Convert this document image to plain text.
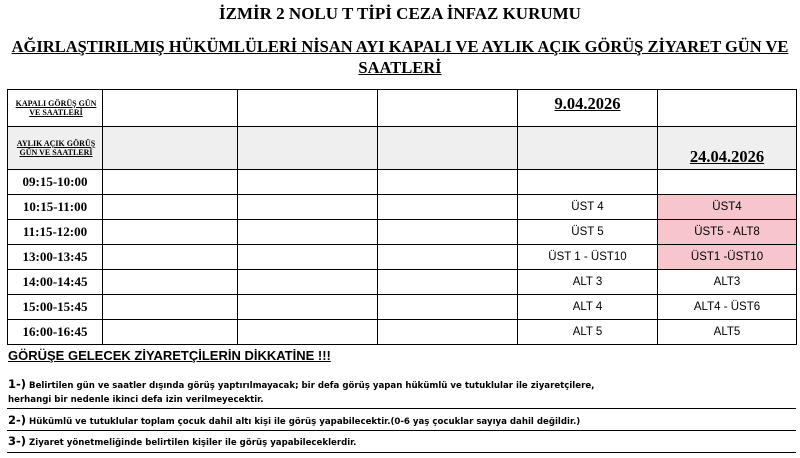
İZMİR 2 NOLU T TİPİ CEZA İNFAZ KURUMU
AĞIRLAŞTIRILMIŞ HÜKÜMLÜLERİ NİSAN AYI KAPALI VE AYLIK AÇIK GÖRÜŞ ZİYARET GÜN VE
SAATLERİ
KAPALI GÖRÜŞ GÜN VE SAATLERİ				9.04.2026	
AYLIK AÇIK GÖRÜŞ GÜN VE SAATLERİ					24.04.2026
09:15-10:00					
10:15-11:00				ÜST 4	ÜST4
11:15-12:00				ÜST 5	ÜST5 - ALT8
13:00-13:45				ÜST 1 - ÜST10	ÜST1 -ÜST10
14:00-14:45				ALT 3	ALT3
15:00-15:45				ALT 4	ALT4 - ÜST6
16:00-16:45				ALT 5	ALT5
GÖRÜŞE GELECEK ZİYARETÇİLERİN DİKKATİNE !!!
1-) Belirtilen gün ve saatler dışında görüş yaptırılmayacak; bir defa görüş yapan hükümlü ve tutuklular ile ziyaretçilere,
herhangi bir nedenle ikinci defa izin verilmeyecektir.
2-) Hükümlü ve tutuklular toplam çocuk dahil altı kişi ile görüş yapabilecektir.(0-6 yaş çocuklar sayıya dahil değildir.)
3-) Ziyaret yönetmeliğinde belirtilen kişiler ile görüş yapabileceklerdir.
